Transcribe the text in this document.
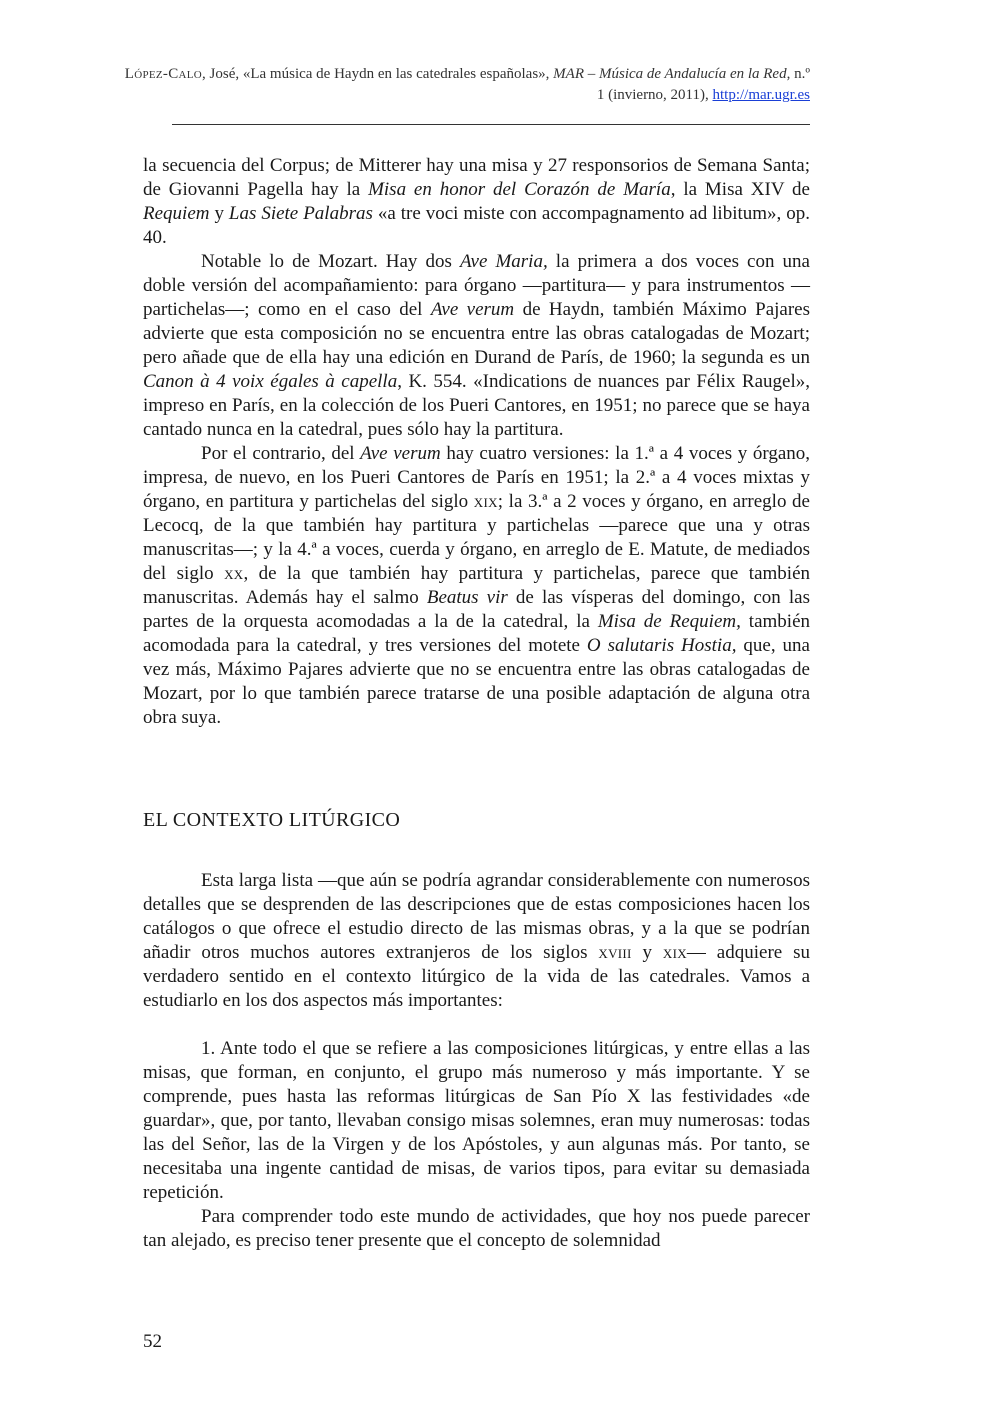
López-Calo, José, «La música de Haydn en las catedrales españolas», MAR – Música de Andalucía en la Red, n.º 1 (invierno, 2011), http://mar.ugr.es

la secuencia del Corpus; de Mitterer hay una misa y 27 responsorios de Semana Santa; de Giovanni Pagella hay la Misa en honor del Corazón de María, la Misa XIV de Requiem y Las Siete Palabras «a tre voci miste con accompagnamento ad libitum», op. 40.

Notable lo de Mozart. Hay dos Ave Maria, la primera a dos voces con una doble versión del acompañamiento: para órgano —partitura— y para instrumentos —partichelas—; como en el caso del Ave verum de Haydn, también Máximo Pajares advierte que esta composición no se encuentra entre las obras catalogadas de Mozart; pero añade que de ella hay una edición en Durand de París, de 1960; la segunda es un Canon à 4 voix égales à capella, K. 554. «Indications de nuances par Félix Raugel», impreso en París, en la colección de los Pueri Cantores, en 1951; no parece que se haya cantado nunca en la catedral, pues sólo hay la partitura.

Por el contrario, del Ave verum hay cuatro versiones: la 1.ª a 4 voces y órgano, impresa, de nuevo, en los Pueri Cantores de París en 1951; la 2.ª a 4 voces mixtas y órgano, en partitura y partichelas del siglo xix; la 3.ª a 2 voces y órgano, en arreglo de Lecocq, de la que también hay partitura y partichelas —parece que una y otras manuscritas—; y la 4.ª a voces, cuerda y órgano, en arreglo de E. Matute, de mediados del siglo xx, de la que también hay partitura y partichelas, parece que también manuscritas. Además hay el salmo Beatus vir de las vísperas del domingo, con las partes de la orquesta acomodadas a la de la catedral, la Misa de Requiem, también acomodada para la catedral, y tres versiones del motete O salutaris Hostia, que, una vez más, Máximo Pajares advierte que no se encuentra entre las obras catalogadas de Mozart, por lo que también parece tratarse de una posible adaptación de alguna otra obra suya.

EL CONTEXTO LITÚRGICO

Esta larga lista —que aún se podría agrandar considerablemente con numerosos detalles que se desprenden de las descripciones que de estas composiciones hacen los catálogos o que ofrece el estudio directo de las mismas obras, y a la que se podrían añadir otros muchos autores extranjeros de los siglos xviii y xix— adquiere su verdadero sentido en el contexto litúrgico de la vida de las catedrales. Vamos a estudiarlo en los dos aspectos más importantes:

1. Ante todo el que se refiere a las composiciones litúrgicas, y entre ellas a las misas, que forman, en conjunto, el grupo más numeroso y más importante. Y se comprende, pues hasta las reformas litúrgicas de San Pío X las festividades «de guardar», que, por tanto, llevaban consigo misas solemnes, eran muy numerosas: todas las del Señor, las de la Virgen y de los Apóstoles, y aun algunas más. Por tanto, se necesitaba una ingente cantidad de misas, de varios tipos, para evitar su demasiada repetición.

Para comprender todo este mundo de actividades, que hoy nos puede parecer tan alejado, es preciso tener presente que el concepto de solemnidad

52
